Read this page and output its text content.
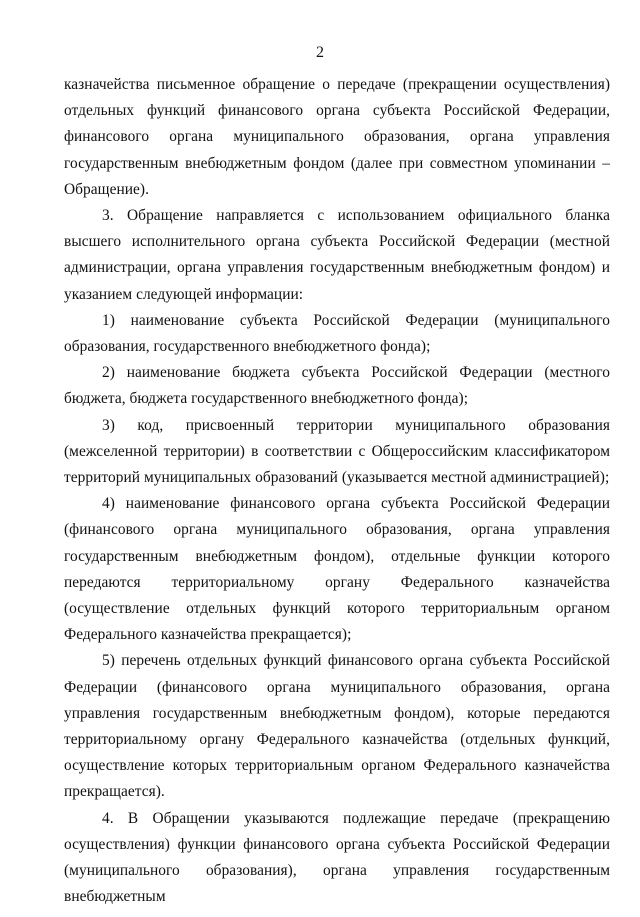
2

казначейства письменное обращение о передаче (прекращении осуществления) отдельных функций финансового органа субъекта Российской Федерации, финансового органа муниципального образования, органа управления государственным внебюджетным фондом (далее при совместном упоминании – Обращение).

3. Обращение направляется с использованием официального бланка высшего исполнительного органа субъекта Российской Федерации (местной администрации, органа управления государственным внебюджетным фондом) и указанием следующей информации:

1) наименование субъекта Российской Федерации (муниципального образования, государственного внебюджетного фонда);

2) наименование бюджета субъекта Российской Федерации (местного бюджета, бюджета государственного внебюджетного фонда);

3) код, присвоенный территории муниципального образования (межселенной территории) в соответствии с Общероссийским классификатором территорий муниципальных образований (указывается местной администрацией);

4) наименование финансового органа субъекта Российской Федерации (финансового органа муниципального образования, органа управления государственным внебюджетным фондом), отдельные функции которого передаются территориальному органу Федерального казначейства (осуществление отдельных функций которого территориальным органом Федерального казначейства прекращается);

5) перечень отдельных функций финансового органа субъекта Российской Федерации (финансового органа муниципального образования, органа управления государственным внебюджетным фондом), которые передаются территориальному органу Федерального казначейства (отдельных функций, осуществление которых территориальным органом Федерального казначейства прекращается).

4. В Обращении указываются подлежащие передаче (прекращению осуществления) функции финансового органа субъекта Российской Федерации (муниципального образования), органа управления государственным внебюджетным
